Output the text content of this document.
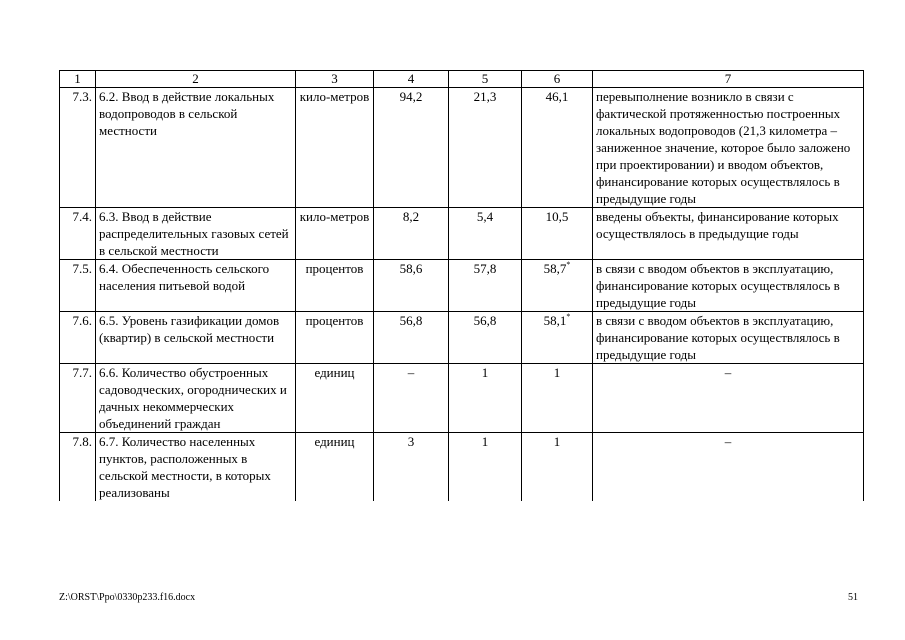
1	2	3	4	5	6	7
7.3.	6.2. Ввод в действие локальных водопроводов в сельской местности	кило-метров	94,2	21,3	46,1	перевыполнение возникло в связи с фактической протяженностью построенных локальных водопроводов (21,3 километра – заниженное значение, которое было заложено при проектировании) и вводом объектов, финансирование которых осуществлялось в предыдущие годы
7.4.	6.3. Ввод в действие распределительных газовых сетей в сельской местности	кило-метров	8,2	5,4	10,5	введены объекты, финансирование которых осуществлялось в предыдущие годы
7.5.	6.4. Обеспеченность сельского населения питьевой водой	процентов	58,6	57,8	58,7*	в связи с вводом объектов в эксплуатацию, финансирование которых осуществлялось в предыдущие годы
7.6.	6.5. Уровень газификации домов (квартир) в сельской местности	процентов	56,8	56,8	58,1*	в связи с вводом объектов в эксплуатацию, финансирование которых осуществлялось в предыдущие годы
7.7.	6.6. Количество обустроенных садоводческих, огороднических и дачных некоммерческих объединений граждан	единиц	–	1	1	–
7.8.	6.7. Количество населенных пунктов, расположенных в сельской местности, в которых реализованы	единиц	3	1	1	–
Z:\ORST\Ppo\0330p233.f16.docx	51
